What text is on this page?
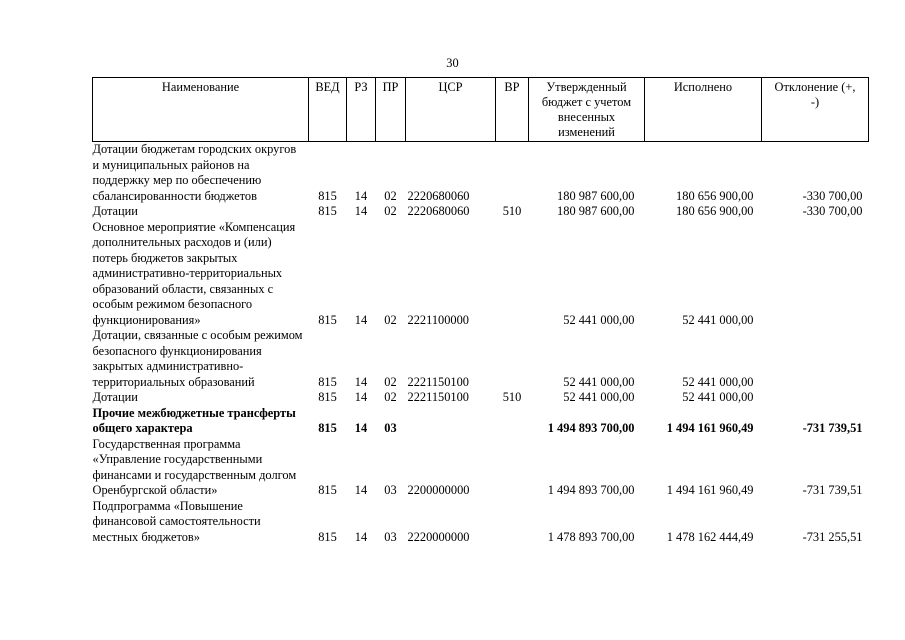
30
Наименование	ВЕД	РЗ	ПР	ЦСР	ВР	Утвержденный бюджет с учетом внесенных изменений	Исполнено	Отклонение (+, -)
Дотации бюджетам городских округов и муниципальных районов на поддержку мер по обеспечению сбалансированности бюджетов	815	14	02	2220680060		180 987 600,00	180 656 900,00	-330 700,00
Дотации	815	14	02	2220680060	510	180 987 600,00	180 656 900,00	-330 700,00
Основное мероприятие «Компенсация дополнительных расходов и (или) потерь бюджетов закрытых административно-территориальных образований области, связанных с особым режимом безопасного функционирования»	815	14	02	2221100000		52 441 000,00	52 441 000,00	
Дотации, связанные с особым режимом безопасного функционирования закрытых административно-территориальных образований	815	14	02	2221150100		52 441 000,00	52 441 000,00	
Дотации	815	14	02	2221150100	510	52 441 000,00	52 441 000,00	
Прочие межбюджетные трансферты общего характера	815	14	03			1 494 893 700,00	1 494 161 960,49	-731 739,51
Государственная программа «Управление государственными финансами и государственным долгом Оренбургской области»	815	14	03	2200000000		1 494 893 700,00	1 494 161 960,49	-731 739,51
Подпрограмма «Повышение финансовой самостоятельности местных бюджетов»	815	14	03	2220000000		1 478 893 700,00	1 478 162 444,49	-731 255,51
